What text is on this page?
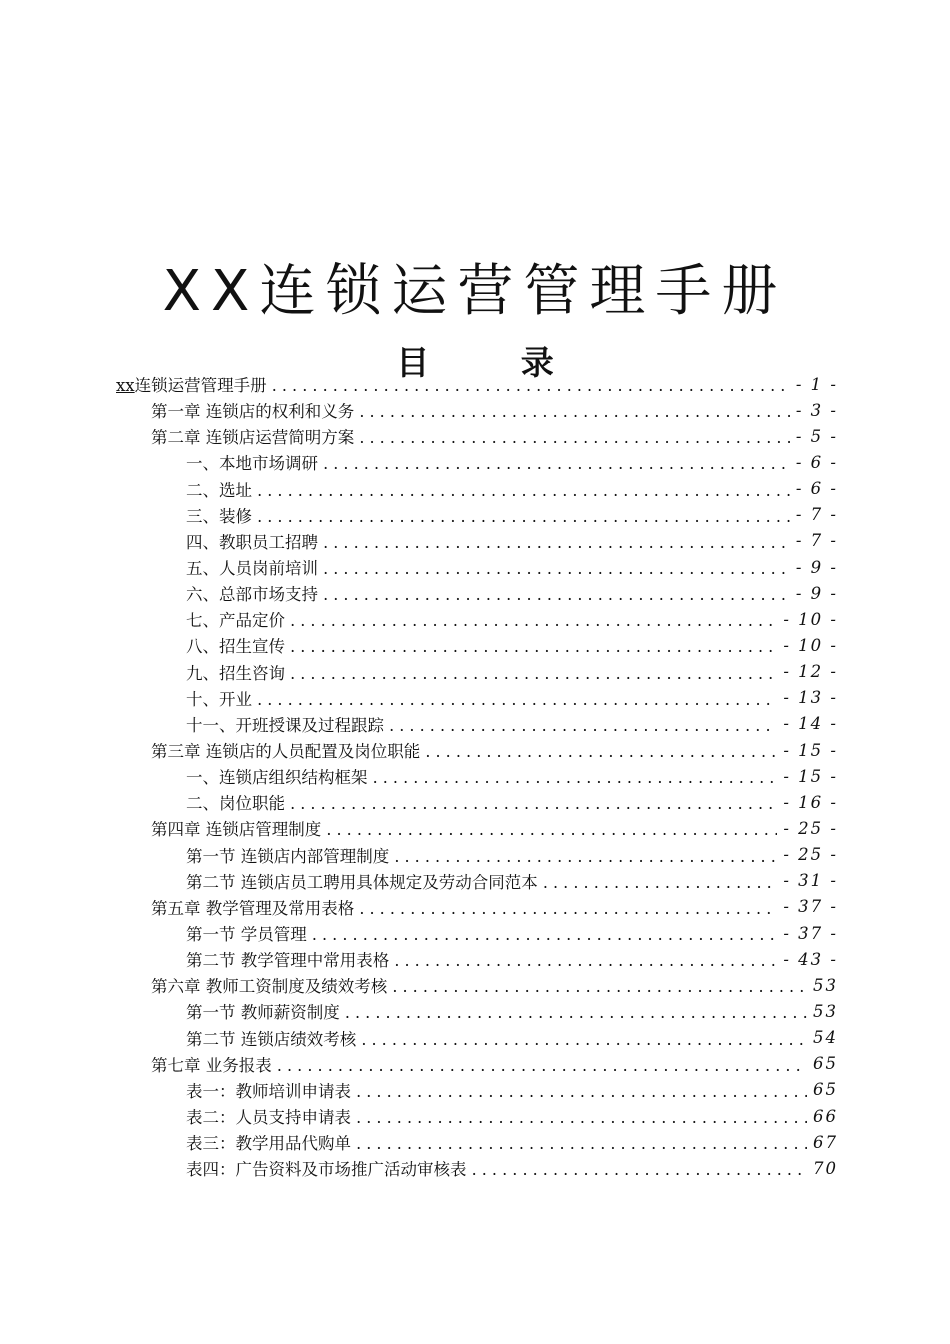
XX连锁运营管理手册
目 录
xx连锁运营管理手册 . . .	- 1 -
第一章 连锁店的权利和义务 . . .	- 3 -
第二章 连锁店运营简明方案 . . .	- 5 -
一、本地市场调研 . . .	- 6 -
二、选址 . . .	- 6 -
三、装修 . . .	- 7 -
四、教职员工招聘 . . .	- 7 -
五、人员岗前培训 . . .	- 9 -
六、总部市场支持 . . .	- 9 -
七、产品定价 . . .	- 10 -
八、招生宣传 . . .	- 10 -
九、招生咨询 . . .	- 12 -
十、开业 . . .	- 13 -
十一、开班授课及过程跟踪 . . .	- 14 -
第三章 连锁店的人员配置及岗位职能 . . .	- 15 -
一、连锁店组织结构框架 . . .	- 15 -
二、岗位职能 . . .	- 16 -
第四章 连锁店管理制度 . . .	- 25 -
第一节 连锁店内部管理制度 . . .	- 25 -
第二节 连锁店员工聘用具体规定及劳动合同范本 . . .	- 31 -
第五章 教学管理及常用表格 . . .	- 37 -
第一节 学员管理 . . .	- 37 -
第二节 教学管理中常用表格 . . .	- 43 -
第六章 教师工资制度及绩效考核 . . .	53
第一节 教师薪资制度 . . .	53
第二节 连锁店绩效考核 . . .	54
第七章 业务报表 . . .	65
表一：教师培训申请表 . . .	65
表二：人员支持申请表 . . .	66
表三：教学用品代购单 . . .	67
表四：广告资料及市场推广活动审核表 . . .	70
